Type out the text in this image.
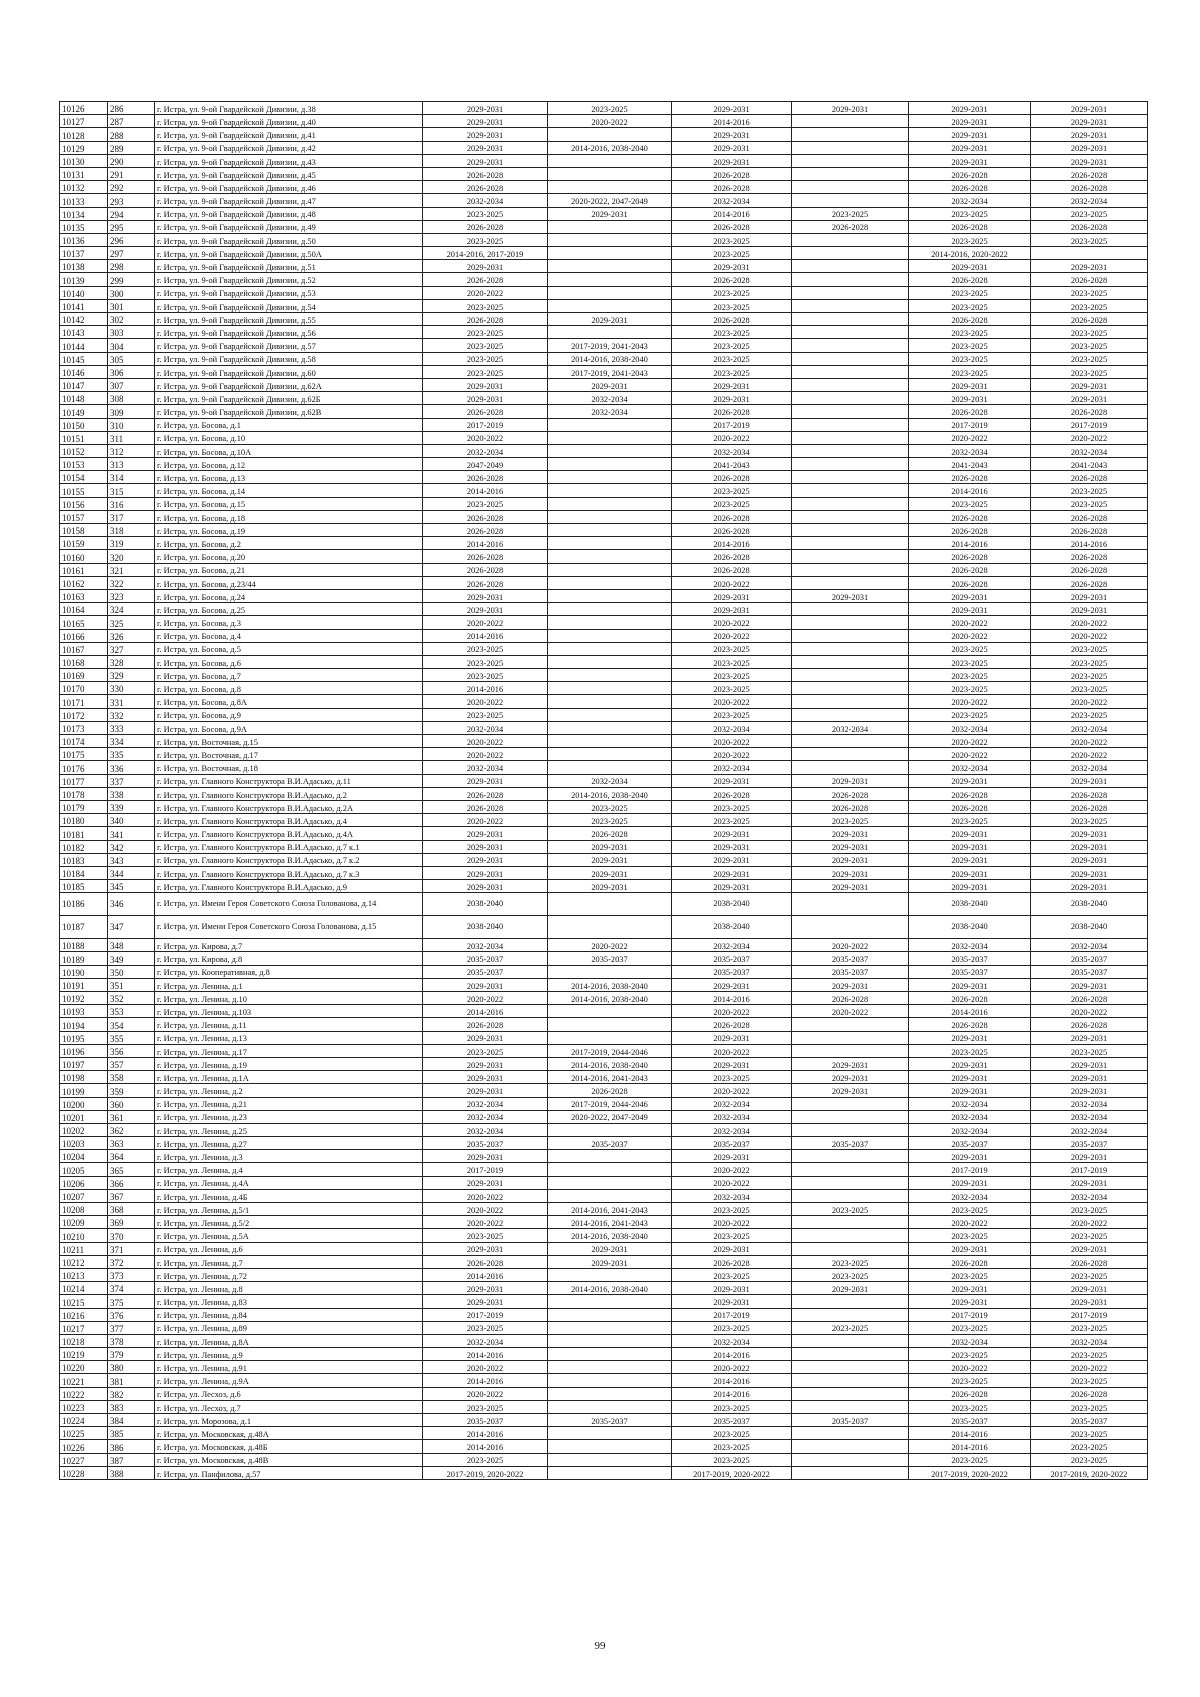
10126	286	г. Истра, ул. 9-ой Гвардейской Дивизии, д.38	2029-2031	2023-2025	2029-2031	2029-2031	2029-2031	2029-2031
10127	287	г. Истра, ул. 9-ой Гвардейской Дивизии, д.40	2029-2031	2020-2022	2014-2016		2029-2031	2029-2031
10128	288	г. Истра, ул. 9-ой Гвардейской Дивизии, д.41	2029-2031		2029-2031		2029-2031	2029-2031
10129	289	г. Истра, ул. 9-ой Гвардейской Дивизии, д.42	2029-2031	2014-2016, 2038-2040	2029-2031		2029-2031	2029-2031
10130	290	г. Истра, ул. 9-ой Гвардейской Дивизии, д.43	2029-2031		2029-2031		2029-2031	2029-2031
10131	291	г. Истра, ул. 9-ой Гвардейской Дивизии, д.45	2026-2028		2026-2028		2026-2028	2026-2028
10132	292	г. Истра, ул. 9-ой Гвардейской Дивизии, д.46	2026-2028		2026-2028		2026-2028	2026-2028
10133	293	г. Истра, ул. 9-ой Гвардейской Дивизии, д.47	2032-2034	2020-2022, 2047-2049	2032-2034		2032-2034	2032-2034
10134	294	г. Истра, ул. 9-ой Гвардейской Дивизии, д.48	2023-2025	2029-2031	2014-2016	2023-2025	2023-2025	2023-2025
10135	295	г. Истра, ул. 9-ой Гвардейской Дивизии, д.49	2026-2028		2026-2028	2026-2028	2026-2028	2026-2028
10136	296	г. Истра, ул. 9-ой Гвардейской Дивизии, д.50	2023-2025		2023-2025		2023-2025	2023-2025
10137	297	г. Истра, ул. 9-ой Гвардейской Дивизии, д.50А	2014-2016, 2017-2019		2023-2025		2014-2016, 2020-2022	
10138	298	г. Истра, ул. 9-ой Гвардейской Дивизии, д.51	2029-2031		2029-2031		2029-2031	2029-2031
10139	299	г. Истра, ул. 9-ой Гвардейской Дивизии, д.52	2026-2028		2026-2028		2026-2028	2026-2028
10140	300	г. Истра, ул. 9-ой Гвардейской Дивизии, д.53	2020-2022		2023-2025		2023-2025	2023-2025
10141	301	г. Истра, ул. 9-ой Гвардейской Дивизии, д.54	2023-2025		2023-2025		2023-2025	2023-2025
10142	302	г. Истра, ул. 9-ой Гвардейской Дивизии, д.55	2026-2028	2029-2031	2026-2028		2026-2028	2026-2028
10143	303	г. Истра, ул. 9-ой Гвардейской Дивизии, д.56	2023-2025		2023-2025		2023-2025	2023-2025
10144	304	г. Истра, ул. 9-ой Гвардейской Дивизии, д.57	2023-2025	2017-2019, 2041-2043	2023-2025		2023-2025	2023-2025
10145	305	г. Истра, ул. 9-ой Гвардейской Дивизии, д.58	2023-2025	2014-2016, 2038-2040	2023-2025		2023-2025	2023-2025
10146	306	г. Истра, ул. 9-ой Гвардейской Дивизии, д.60	2023-2025	2017-2019, 2041-2043	2023-2025		2023-2025	2023-2025
10147	307	г. Истра, ул. 9-ой Гвардейской Дивизии, д.62А	2029-2031	2029-2031	2029-2031		2029-2031	2029-2031
10148	308	г. Истра, ул. 9-ой Гвардейской Дивизии, д.62Б	2029-2031	2032-2034	2029-2031		2029-2031	2029-2031
10149	309	г. Истра, ул. 9-ой Гвардейской Дивизии, д.62В	2026-2028	2032-2034	2026-2028		2026-2028	2026-2028
10150	310	г. Истра, ул. Босова, д.1	2017-2019		2017-2019		2017-2019	2017-2019
10151	311	г. Истра, ул. Босова, д.10	2020-2022		2020-2022		2020-2022	2020-2022
10152	312	г. Истра, ул. Босова, д.10А	2032-2034		2032-2034		2032-2034	2032-2034
10153	313	г. Истра, ул. Босова, д.12	2047-2049		2041-2043		2041-2043	2041-2043
10154	314	г. Истра, ул. Босова, д.13	2026-2028		2026-2028		2026-2028	2026-2028
10155	315	г. Истра, ул. Босова, д.14	2014-2016		2023-2025		2014-2016	2023-2025
10156	316	г. Истра, ул. Босова, д.15	2023-2025		2023-2025		2023-2025	2023-2025
10157	317	г. Истра, ул. Босова, д.18	2026-2028		2026-2028		2026-2028	2026-2028
10158	318	г. Истра, ул. Босова, д.19	2026-2028		2026-2028		2026-2028	2026-2028
10159	319	г. Истра, ул. Босова, д.2	2014-2016		2014-2016		2014-2016	2014-2016
10160	320	г. Истра, ул. Босова, д.20	2026-2028		2026-2028		2026-2028	2026-2028
10161	321	г. Истра, ул. Босова, д.21	2026-2028		2026-2028		2026-2028	2026-2028
10162	322	г. Истра, ул. Босова, д.23/44	2026-2028		2020-2022		2026-2028	2026-2028
10163	323	г. Истра, ул. Босова, д.24	2029-2031		2029-2031	2029-2031	2029-2031	2029-2031
10164	324	г. Истра, ул. Босова, д.25	2029-2031		2029-2031		2029-2031	2029-2031
10165	325	г. Истра, ул. Босова, д.3	2020-2022		2020-2022		2020-2022	2020-2022
10166	326	г. Истра, ул. Босова, д.4	2014-2016		2020-2022		2020-2022	2020-2022
10167	327	г. Истра, ул. Босова, д.5	2023-2025		2023-2025		2023-2025	2023-2025
10168	328	г. Истра, ул. Босова, д.6	2023-2025		2023-2025		2023-2025	2023-2025
10169	329	г. Истра, ул. Босова, д.7	2023-2025		2023-2025		2023-2025	2023-2025
10170	330	г. Истра, ул. Босова, д.8	2014-2016		2023-2025		2023-2025	2023-2025
10171	331	г. Истра, ул. Босова, д.8А	2020-2022		2020-2022		2020-2022	2020-2022
10172	332	г. Истра, ул. Босова, д.9	2023-2025		2023-2025		2023-2025	2023-2025
10173	333	г. Истра, ул. Босова, д.9А	2032-2034		2032-2034	2032-2034	2032-2034	2032-2034
10174	334	г. Истра, ул. Восточная, д.15	2020-2022		2020-2022		2020-2022	2020-2022
10175	335	г. Истра, ул. Восточная, д.17	2020-2022		2020-2022		2020-2022	2020-2022
10176	336	г. Истра, ул. Восточная, д.18	2032-2034		2032-2034		2032-2034	2032-2034
10177	337	г. Истра, ул. Главного Конструктора В.И.Адасько, д.11	2029-2031	2032-2034	2029-2031	2029-2031	2029-2031	2029-2031
10178	338	г. Истра, ул. Главного Конструктора В.И.Адасько, д.2	2026-2028	2014-2016, 2038-2040	2026-2028	2026-2028	2026-2028	2026-2028
10179	339	г. Истра, ул. Главного Конструктора В.И.Адасько, д.2А	2026-2028	2023-2025	2023-2025	2026-2028	2026-2028	2026-2028
10180	340	г. Истра, ул. Главного Конструктора В.И.Адасько, д.4	2020-2022	2023-2025	2023-2025	2023-2025	2023-2025	2023-2025
10181	341	г. Истра, ул. Главного Конструктора В.И.Адасько, д.4А	2029-2031	2026-2028	2029-2031	2029-2031	2029-2031	2029-2031
10182	342	г. Истра, ул. Главного Конструктора В.И.Адасько, д.7 к.1	2029-2031	2029-2031	2029-2031	2029-2031	2029-2031	2029-2031
10183	343	г. Истра, ул. Главного Конструктора В.И.Адасько, д.7 к.2	2029-2031	2029-2031	2029-2031	2029-2031	2029-2031	2029-2031
10184	344	г. Истра, ул. Главного Конструктора В.И.Адасько, д.7 к.3	2029-2031	2029-2031	2029-2031	2029-2031	2029-2031	2029-2031
10185	345	г. Истра, ул. Главного Конструктора В.И.Адасько, д.9	2029-2031	2029-2031	2029-2031	2029-2031	2029-2031	2029-2031
10186	346	г. Истра, ул. Имени Героя Советского Союза Голованова, д.14	2038-2040		2038-2040		2038-2040	2038-2040
10187	347	г. Истра, ул. Имени Героя Советского Союза Голованова, д.15	2038-2040		2038-2040		2038-2040	2038-2040
10188	348	г. Истра, ул. Кирова, д.7	2032-2034	2020-2022	2032-2034	2020-2022	2032-2034	2032-2034
10189	349	г. Истра, ул. Кирова, д.8	2035-2037	2035-2037	2035-2037	2035-2037	2035-2037	2035-2037
10190	350	г. Истра, ул. Кооперативная, д.8	2035-2037		2035-2037	2035-2037	2035-2037	2035-2037
10191	351	г. Истра, ул. Ленина, д.1	2029-2031	2014-2016, 2038-2040	2029-2031	2029-2031	2029-2031	2029-2031
10192	352	г. Истра, ул. Ленина, д.10	2020-2022	2014-2016, 2038-2040	2014-2016	2026-2028	2026-2028	2026-2028
10193	353	г. Истра, ул. Ленина, д.103	2014-2016		2020-2022	2020-2022	2014-2016	2020-2022
10194	354	г. Истра, ул. Ленина, д.11	2026-2028		2026-2028		2026-2028	2026-2028
10195	355	г. Истра, ул. Ленина, д.13	2029-2031		2029-2031		2029-2031	2029-2031
10196	356	г. Истра, ул. Ленина, д.17	2023-2025	2017-2019, 2044-2046	2020-2022		2023-2025	2023-2025
10197	357	г. Истра, ул. Ленина, д.19	2029-2031	2014-2016, 2038-2040	2029-2031	2029-2031	2029-2031	2029-2031
10198	358	г. Истра, ул. Ленина, д.1А	2029-2031	2014-2016, 2041-2043	2023-2025	2029-2031	2029-2031	2029-2031
10199	359	г. Истра, ул. Ленина, д.2	2029-2031	2026-2028	2020-2022	2029-2031	2029-2031	2029-2031
10200	360	г. Истра, ул. Ленина, д.21	2032-2034	2017-2019, 2044-2046	2032-2034		2032-2034	2032-2034
10201	361	г. Истра, ул. Ленина, д.23	2032-2034	2020-2022, 2047-2049	2032-2034		2032-2034	2032-2034
10202	362	г. Истра, ул. Ленина, д.25	2032-2034		2032-2034		2032-2034	2032-2034
10203	363	г. Истра, ул. Ленина, д.27	2035-2037	2035-2037	2035-2037	2035-2037	2035-2037	2035-2037
10204	364	г. Истра, ул. Ленина, д.3	2029-2031		2029-2031		2029-2031	2029-2031
10205	365	г. Истра, ул. Ленина, д.4	2017-2019		2020-2022		2017-2019	2017-2019
10206	366	г. Истра, ул. Ленина, д.4А	2029-2031		2020-2022		2029-2031	2029-2031
10207	367	г. Истра, ул. Ленина, д.4Б	2020-2022		2032-2034		2032-2034	2032-2034
10208	368	г. Истра, ул. Ленина, д.5/1	2020-2022	2014-2016, 2041-2043	2023-2025	2023-2025	2023-2025	2023-2025
10209	369	г. Истра, ул. Ленина, д.5/2	2020-2022	2014-2016, 2041-2043	2020-2022		2020-2022	2020-2022
10210	370	г. Истра, ул. Ленина, д.5А	2023-2025	2014-2016, 2038-2040	2023-2025		2023-2025	2023-2025
10211	371	г. Истра, ул. Ленина, д.6	2029-2031	2029-2031	2029-2031		2029-2031	2029-2031
10212	372	г. Истра, ул. Ленина, д.7	2026-2028	2029-2031	2026-2028	2023-2025	2026-2028	2026-2028
10213	373	г. Истра, ул. Ленина, д.72	2014-2016		2023-2025	2023-2025	2023-2025	2023-2025
10214	374	г. Истра, ул. Ленина, д.8	2029-2031	2014-2016, 2038-2040	2029-2031	2029-2031	2029-2031	2029-2031
10215	375	г. Истра, ул. Ленина, д.83	2029-2031		2029-2031		2029-2031	2029-2031
10216	376	г. Истра, ул. Ленина, д.84	2017-2019		2017-2019		2017-2019	2017-2019
10217	377	г. Истра, ул. Ленина, д.89	2023-2025		2023-2025	2023-2025	2023-2025	2023-2025
10218	378	г. Истра, ул. Ленина, д.8А	2032-2034		2032-2034		2032-2034	2032-2034
10219	379	г. Истра, ул. Ленина, д.9	2014-2016		2014-2016		2023-2025	2023-2025
10220	380	г. Истра, ул. Ленина, д.91	2020-2022		2020-2022		2020-2022	2020-2022
10221	381	г. Истра, ул. Ленина, д.9А	2014-2016		2014-2016		2023-2025	2023-2025
10222	382	г. Истра, ул. Лесхоз, д.6	2020-2022		2014-2016		2026-2028	2026-2028
10223	383	г. Истра, ул. Лесхоз, д.7	2023-2025		2023-2025		2023-2025	2023-2025
10224	384	г. Истра, ул. Морозова, д.1	2035-2037	2035-2037	2035-2037	2035-2037	2035-2037	2035-2037
10225	385	г. Истра, ул. Московская, д.48А	2014-2016		2023-2025		2014-2016	2023-2025
10226	386	г. Истра, ул. Московская, д.48Б	2014-2016		2023-2025		2014-2016	2023-2025
10227	387	г. Истра, ул. Московская, д.48В	2023-2025		2023-2025		2023-2025	2023-2025
10228	388	г. Истра, ул. Панфилова, д.57	2017-2019, 2020-2022		2017-2019, 2020-2022		2017-2019, 2020-2022	2017-2019, 2020-2022
99
